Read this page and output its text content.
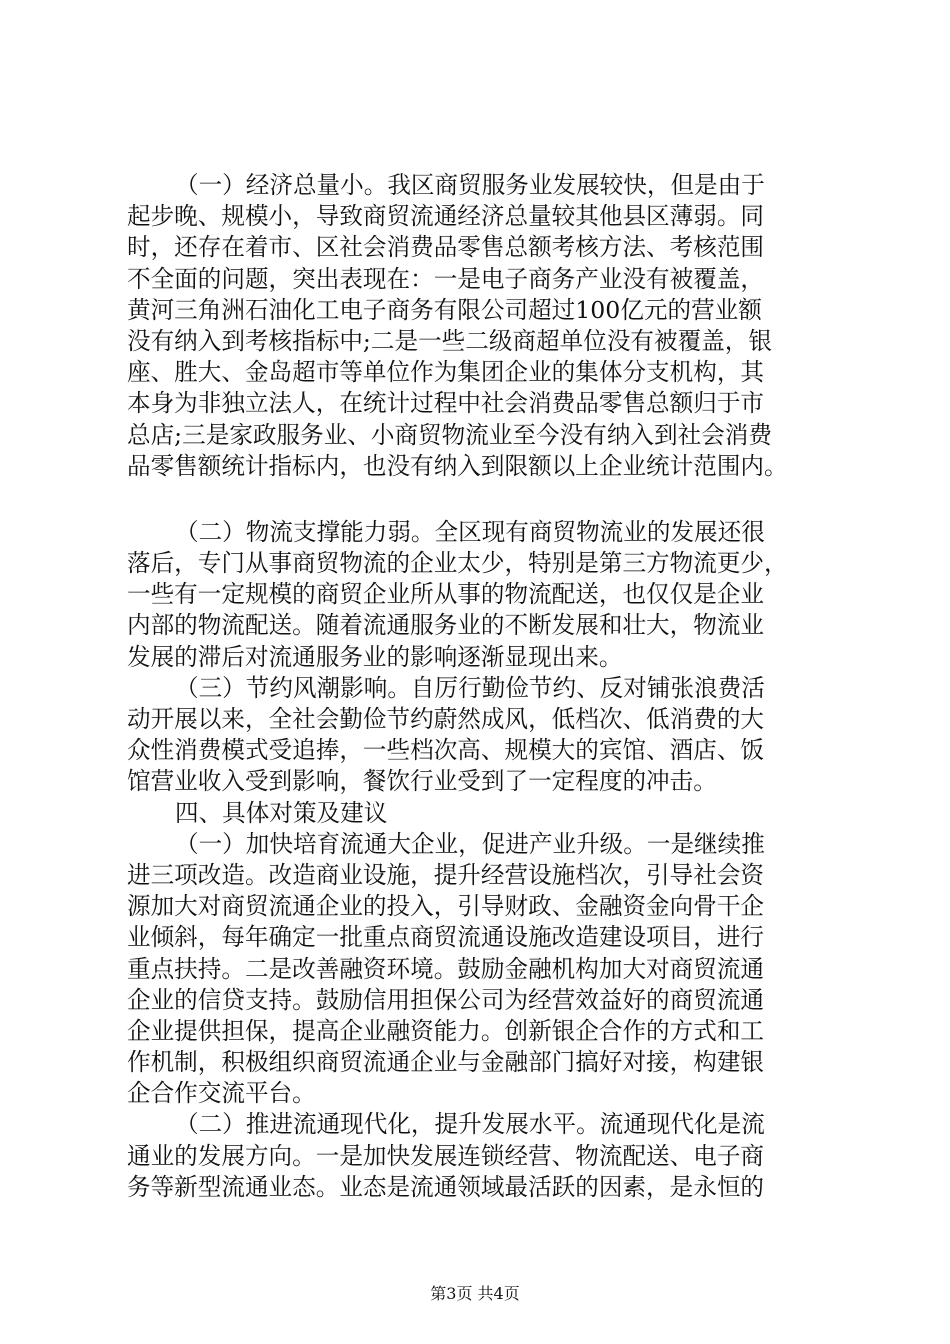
（一）经济总量小。我区商贸服务业发展较快，但是由于
起步晚、规模小，导致商贸流通经济总量较其他县区薄弱。同
时，还存在着市、区社会消费品零售总额考核方法、考核范围
不全面的问题，突出表现在：一是电子商务产业没有被覆盖，
黄河三角洲石油化工电子商务有限公司超过100亿元的营业额
没有纳入到考核指标中;二是一些二级商超单位没有被覆盖，银
座、胜大、金岛超市等单位作为集团企业的集体分支机构，其
本身为非独立法人，在统计过程中社会消费品零售总额归于市
总店;三是家政服务业、小商贸物流业至今没有纳入到社会消费
品零售额统计指标内，也没有纳入到限额以上企业统计范围内。
（二）物流支撑能力弱。全区现有商贸物流业的发展还很
落后，专门从事商贸物流的企业太少，特别是第三方物流更少，
一些有一定规模的商贸企业所从事的物流配送，也仅仅是企业
内部的物流配送。随着流通服务业的不断发展和壮大，物流业
发展的滞后对流通服务业的影响逐渐显现出来。
（三）节约风潮影响。自厉行勤俭节约、反对铺张浪费活
动开展以来，全社会勤俭节约蔚然成风，低档次、低消费的大
众性消费模式受追捧，一些档次高、规模大的宾馆、酒店、饭
馆营业收入受到影响，餐饮行业受到了一定程度的冲击。
四、具体对策及建议
（一）加快培育流通大企业，促进产业升级。一是继续推
进三项改造。改造商业设施，提升经营设施档次，引导社会资
源加大对商贸流通企业的投入，引导财政、金融资金向骨干企
业倾斜，每年确定一批重点商贸流通设施改造建设项目，进行
重点扶持。二是改善融资环境。鼓励金融机构加大对商贸流通
企业的信贷支持。鼓励信用担保公司为经营效益好的商贸流通
企业提供担保，提高企业融资能力。创新银企合作的方式和工
作机制，积极组织商贸流通企业与金融部门搞好对接，构建银
企合作交流平台。
（二）推进流通现代化，提升发展水平。流通现代化是流
通业的发展方向。一是加快发展连锁经营、物流配送、电子商
务等新型流通业态。业态是流通领域最活跃的因素，是永恒的
第3页 共4页
